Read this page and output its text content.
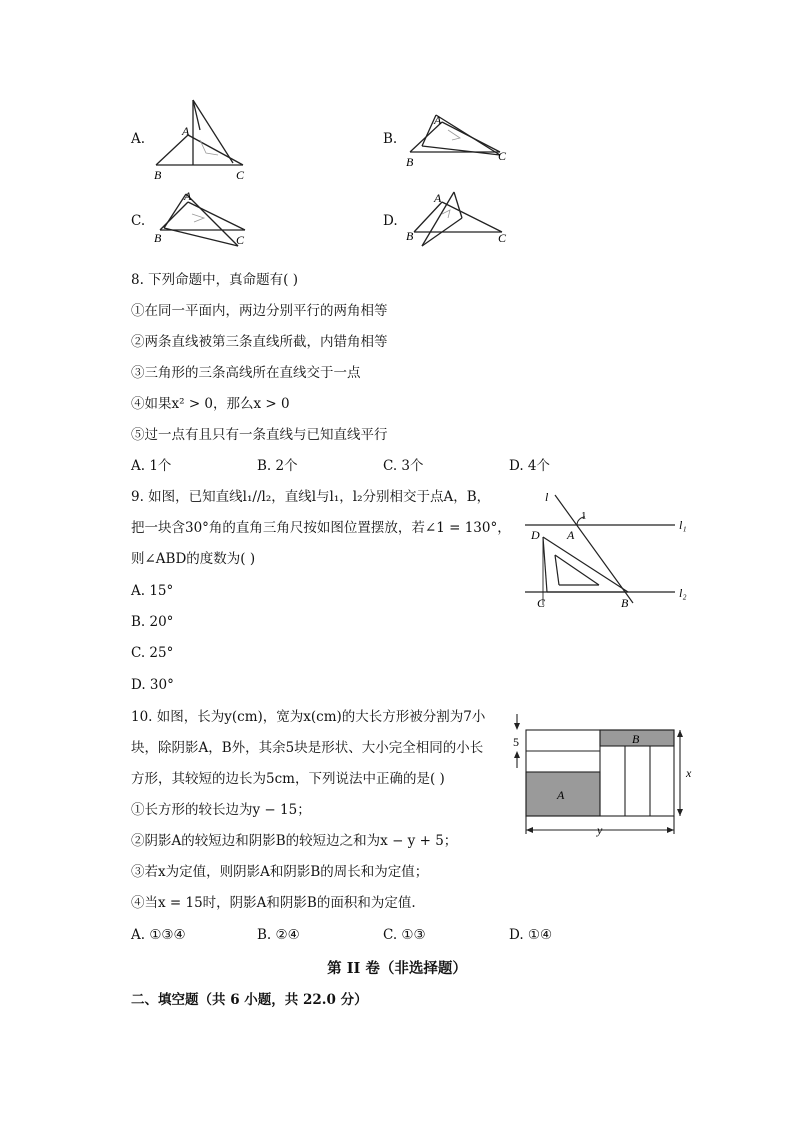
A.	A
B	C
B.
A
B	C
C.
A
B	C
D.
A
B	C
8. 下列命题中，真命题有( )
①在同一平面内，两边分别平行的两角相等
②两条直线被第三条直线所截，内错角相等
③三角形的三条高线所在直线交于一点
④如果x² > 0，那么x > 0
⑤过一点有且只有一条直线与已知直线平行
A. 1个	B. 2个	C. 3个	D. 4个
9. 如图，已知直线l₁//l₂，直线l与l₁，l₂分别相交于点A，B，
把一块含30°角的直角三角尺按如图位置摆放，若∠1 = 130°，
则∠ABD的度数为( )
A. 15°
B. 20°
C. 25°
D. 30°
l
1
l₁
l₂
A
D
C	B
10. 如图，长为y(cm)，宽为x(cm)的大长方形被分割为7小
块，除阴影A，B外，其余5块是形状、大小完全相同的小长
方形，其较短的边长为5cm，下列说法中正确的是( )
①长方形的较长边为y − 15；
②阴影A的较短边和阴影B的较短边之和为x − y + 5；
③若x为定值，则阴影A和阴影B的周长和为定值；
④当x = 15时，阴影A和阴影B的面积和为定值.
A. ①③④	B. ②④	C. ①③	D. ①④
5	B
A
x
y
第 II 卷（非选择题）
二、填空题（共 6 小题，共 22.0 分）
